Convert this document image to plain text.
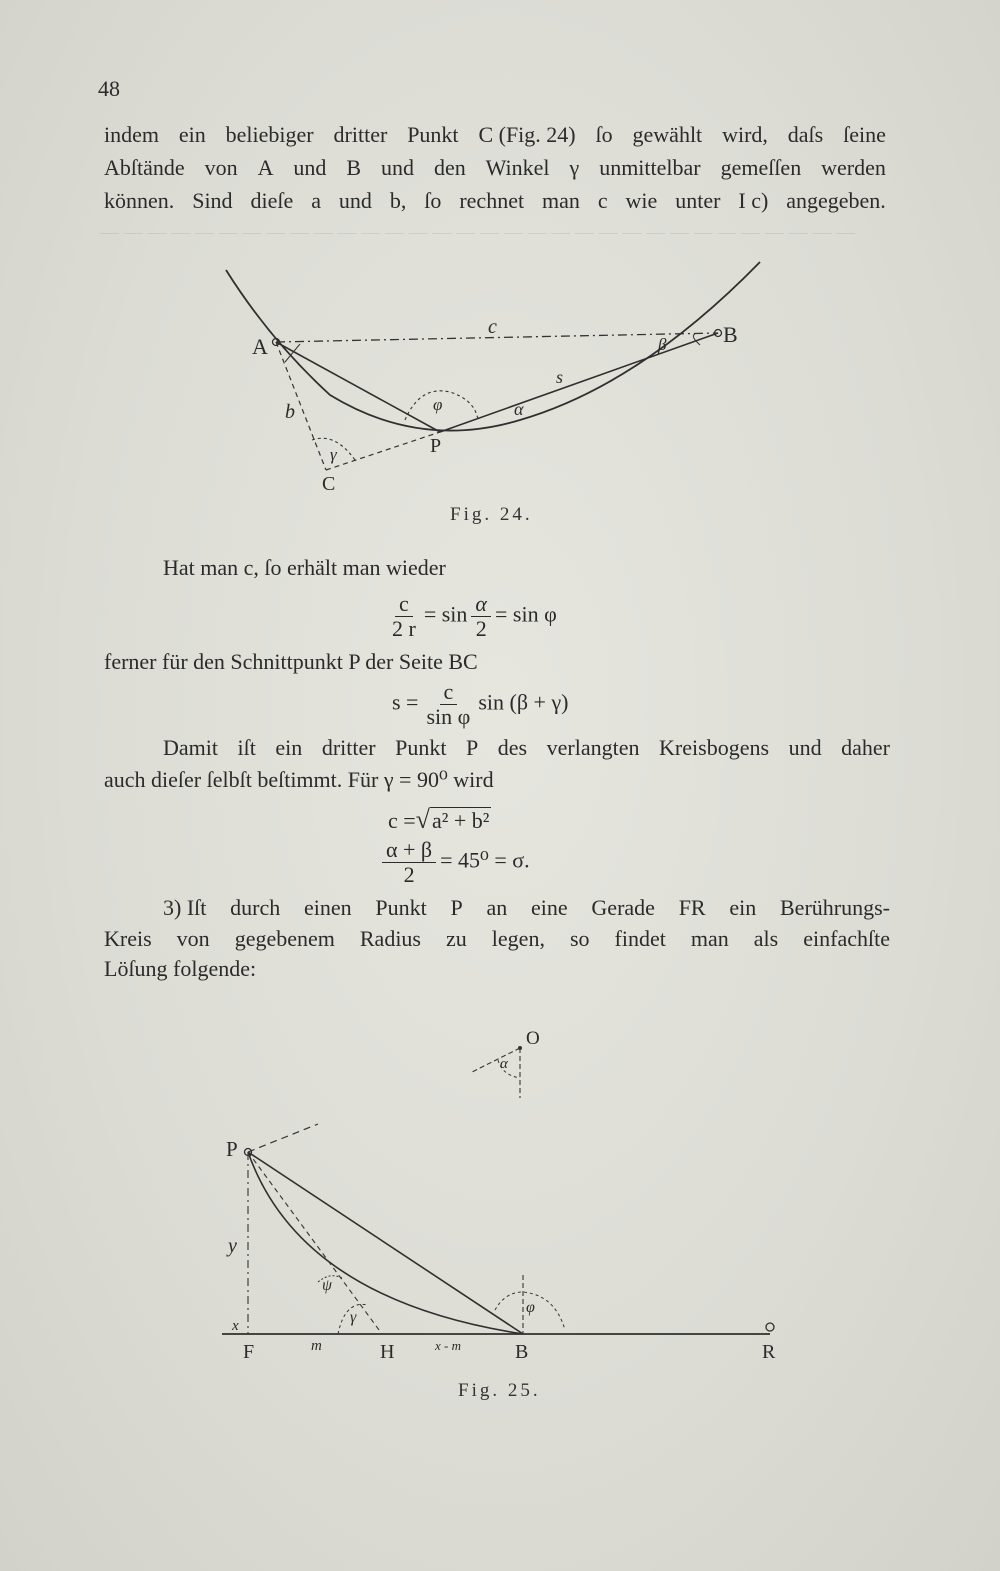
— — — — — — — — — — — — — — — — — — — — — — — — — — — — — — — —
48
indem ein beliebiger dritter Punkt C (Fig. 24) ſo gewählt wird, daſs ſeine
Abſtände von A und B und den Winkel γ unmittelbar gemeſſen werden
können. Sind dieſe a und b, ſo rechnet man c wie unter I c) angegeben.
A	B
C
P
c
b
s
α
β
γ
φ
Fig. 24.
Hat man c, ſo erhält man wieder
$\frac{c}{2 r} = \sin \frac{\alpha}{2} = \sin \varphi$
ferner für den Schnittpunkt P der Seite BC
$s = \frac{c}{\text{sin φ}}$ sin (β + γ)
Damit iſt ein dritter Punkt P des verlangten Kreisbogens und daher
auch dieſer ſelbſt beſtimmt. Für γ = 90⁰ wird
c =√a² + b²
$\frac{\alpha + \beta}{2} = 45^0 = \sigma$.
3) Iſt durch einen Punkt P an eine Gerade FR ein Berührungs-
Kreis von gegebenem Radius zu legen, so findet man als einfachſte
Löſung folgende:
O
α
P
y
x
F	m	H	x - m	B	R
ψ
γ
φ
Fig. 25.
